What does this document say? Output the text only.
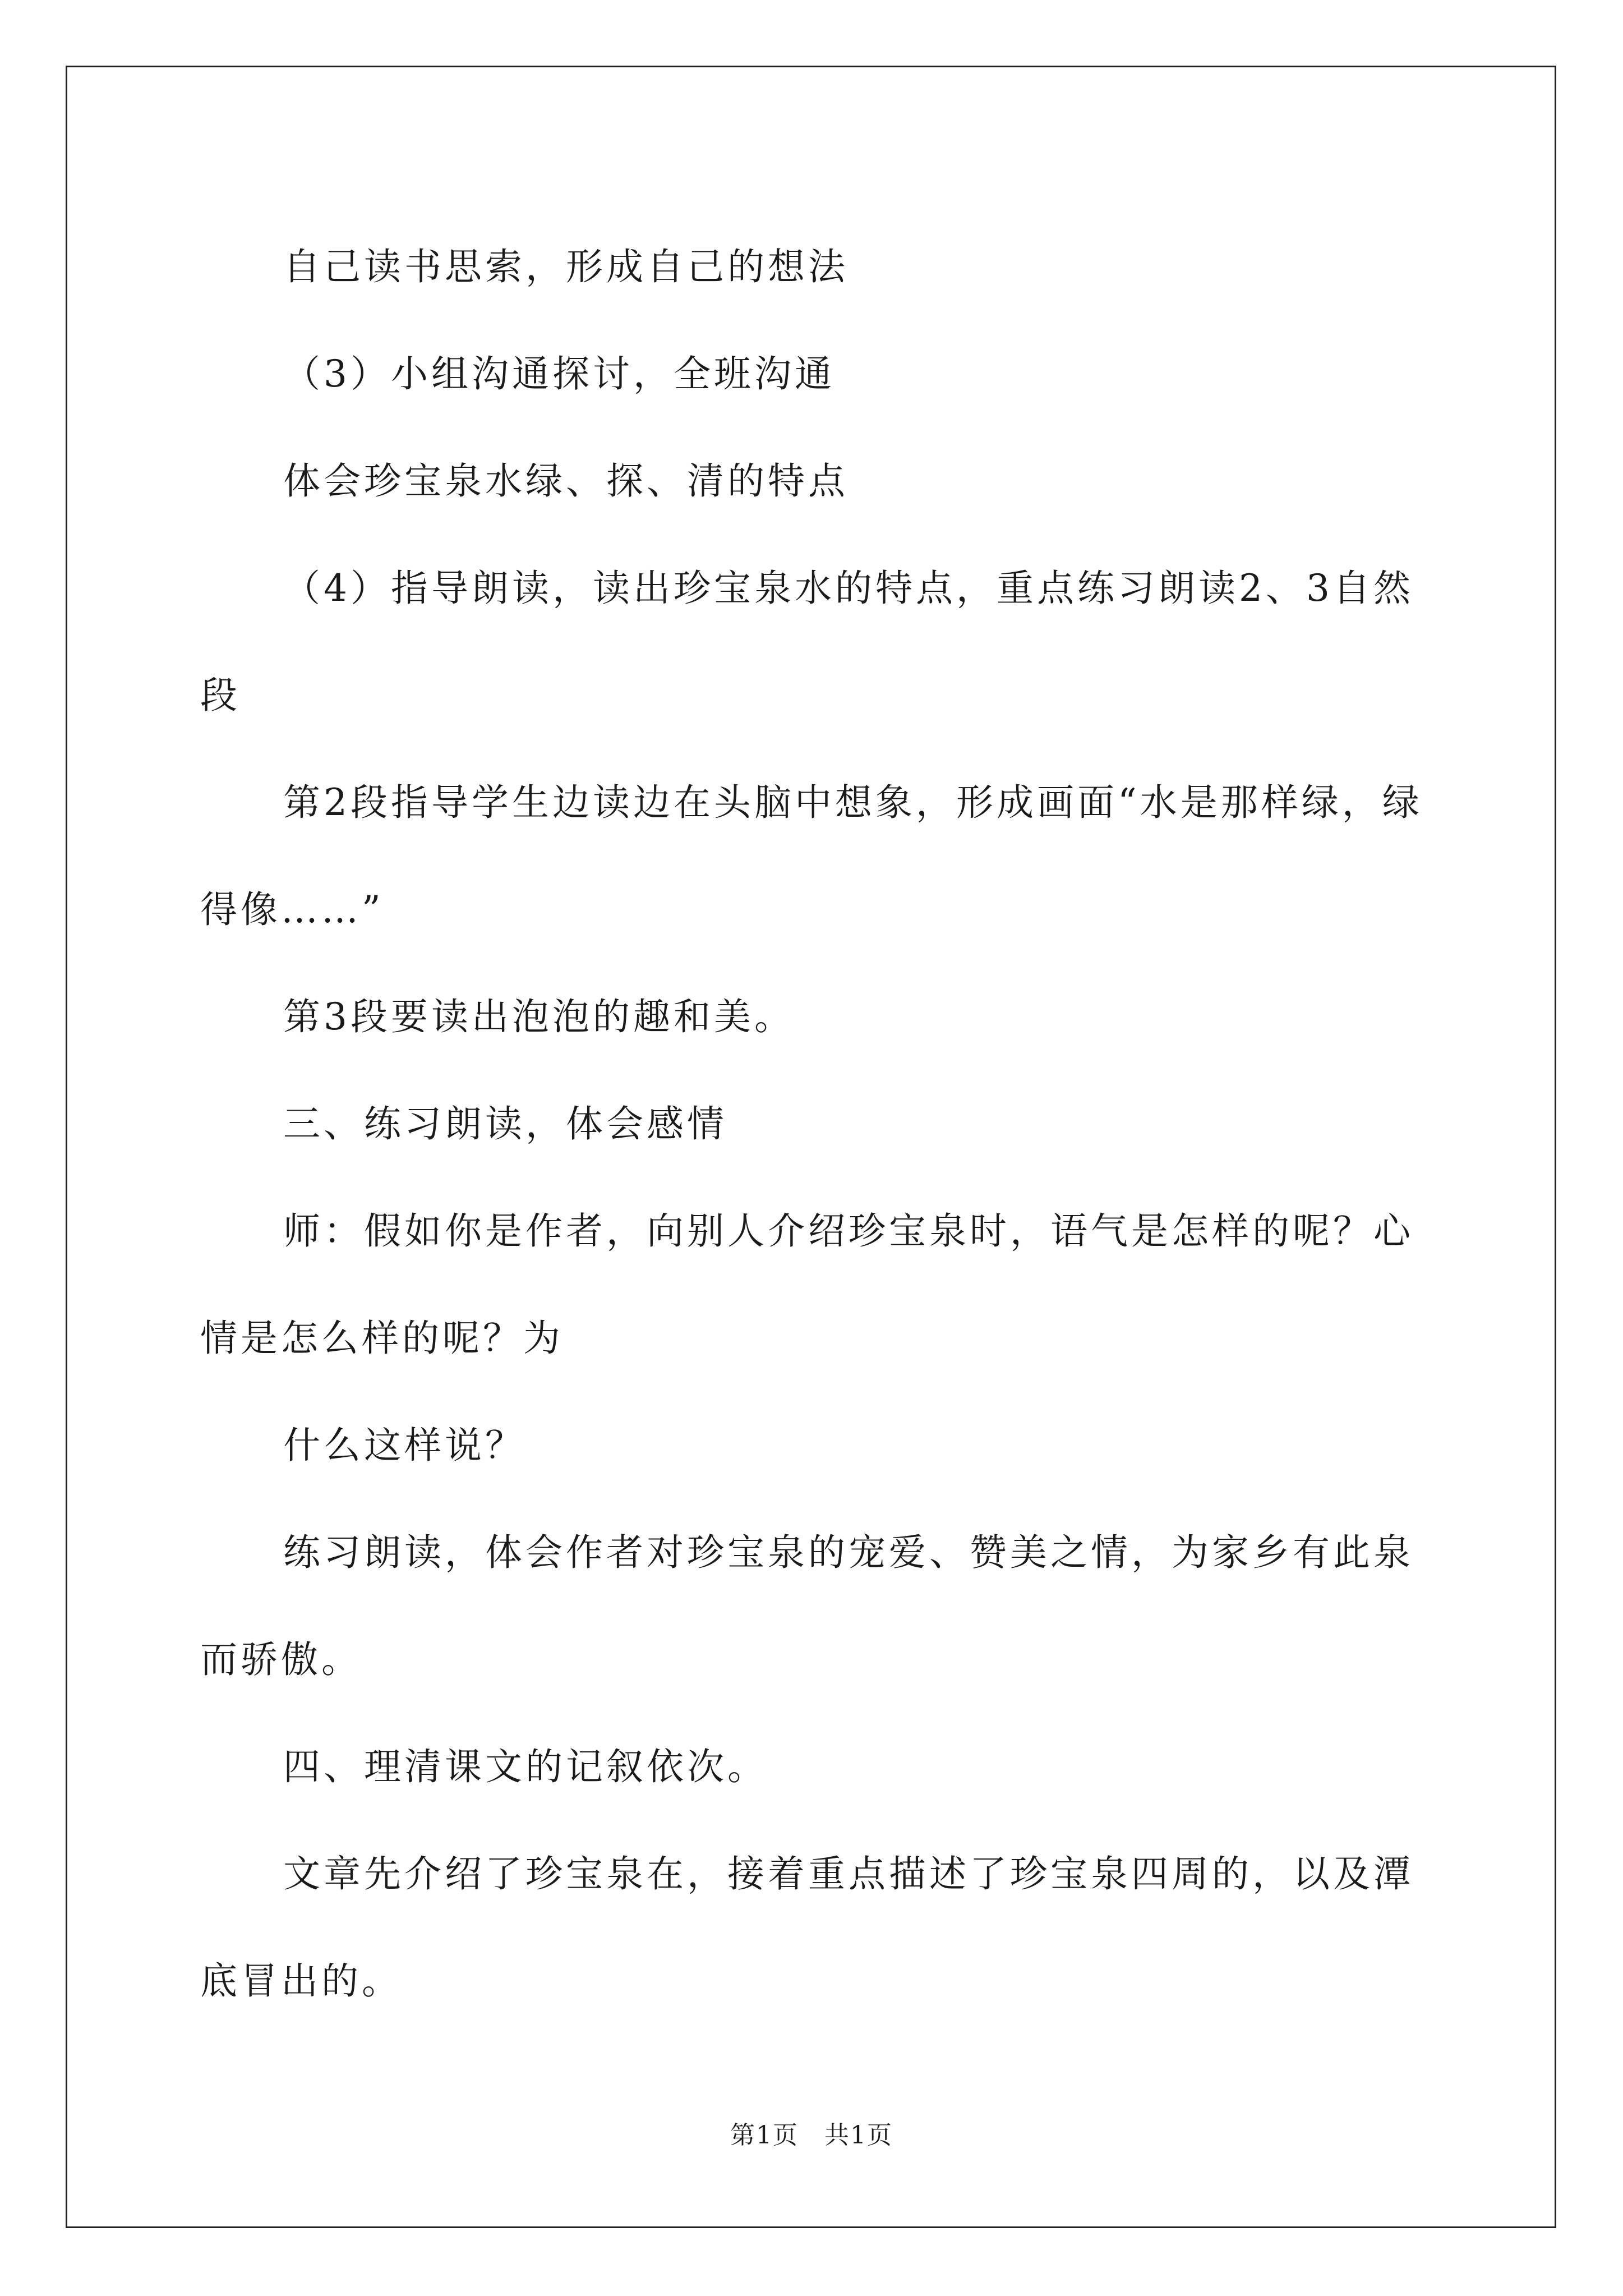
自己读书思索，形成自己的想法

（3）小组沟通探讨，全班沟通

体会珍宝泉水绿、探、清的特点

（4）指导朗读，读出珍宝泉水的特点，重点练习朗读2、3自然段

第2段指导学生边读边在头脑中想象，形成画面“水是那样绿，绿得像……”

第3段要读出泡泡的趣和美。

三、练习朗读，体会感情

师：假如你是作者，向别人介绍珍宝泉时，语气是怎样的呢？心情是怎么样的呢？为

什么这样说？

练习朗读，体会作者对珍宝泉的宠爱、赞美之情，为家乡有此泉而骄傲。

四、理清课文的记叙依次。

文章先介绍了珍宝泉在，接着重点描述了珍宝泉四周的，以及潭底冒出的。

第1页　共1页
